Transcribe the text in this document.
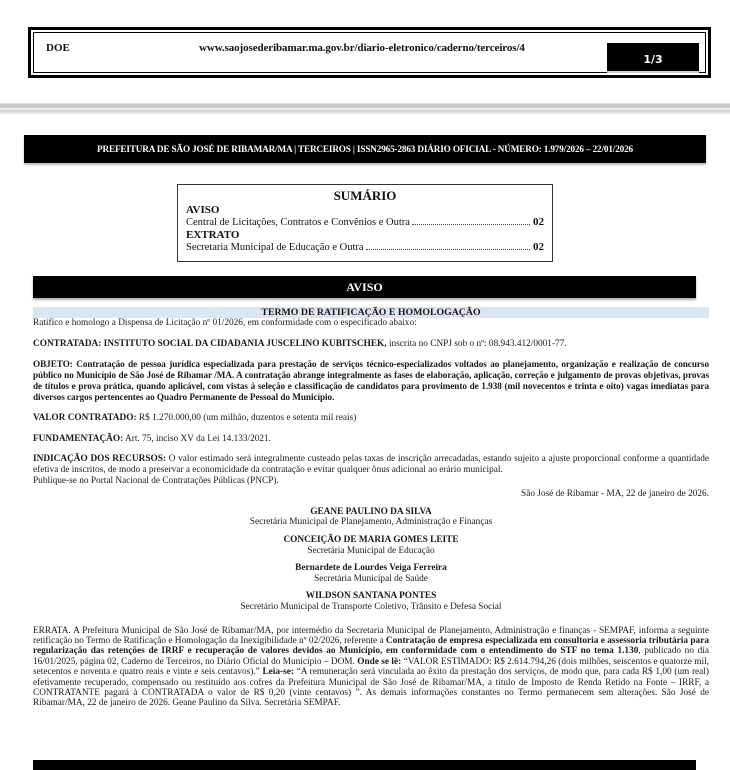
DOE	www.saojosederibamar.ma.gov.br/diario-eletronico/caderno/terceiros/4
1/3
PREFEITURA DE SÃO JOSÉ DE RIBAMAR/MA | TERCEIROS | ISSN2965-2863 DIÁRIO OFICIAL - NÚMERO: 1.979/2026 – 22/01/2026
SUMÁRIO
AVISO
Central de Licitações, Contratos e Convênios e Outra	02
EXTRATO
Secretaria Municipal de Educação e Outra	02
AVISO
TERMO DE RATIFICAÇÃO E HOMOLOGAÇÃO
Ratifico e homologo a Dispensa de Licitação nº 01/2026, em conformidade com o especificado abaixo:
CONTRATADA: INSTITUTO SOCIAL DA CIDADANIA JUSCELINO KUBITSCHEK, inscrita no CNPJ sob o nº: 08.943.412/0001-77.
OBJETO: Contratação de pessoa jurídica especializada para prestação de serviços técnico-especializados voltados ao planejamento, organização e realização de concurso público no Município de São José de Ribamar /MA. A contratação abrange integralmente as fases de elaboração, aplicação, correção e julgamento de provas objetivas, provas de títulos e prova prática, quando aplicável, com vistas à seleção e classificação de candidatos para provimento de 1.938 (mil novecentos e trinta e oito) vagas imediatas para diversos cargos pertencentes ao Quadro Permanente de Pessoal do Município.
VALOR CONTRATADO: R$ 1.270.000,00 (um milhão, duzentos e setenta mil reais)
FUNDAMENTAÇÃO: Art. 75, inciso XV da Lei 14.133/2021.
INDICAÇÃO DOS RECURSOS: O valor estimado será integralmente custeado pelas taxas de inscrição arrecadadas, estando sujeito a ajuste proporcional conforme a quantidade efetiva de inscritos, de modo a preservar a economicidade da contratação e evitar qualquer ônus adicional ao erário municipal.
Publique-se no Portal Nacional de Contratações Públicas (PNCP).
São José de Ribamar - MA, 22 de janeiro de 2026.
GEANE PAULINO DA SILVA
Secretária Municipal de Planejamento, Administração e Finanças
CONCEIÇÃO DE MARIA GOMES LEITE
Secretária Municipal de Educação
Bernardete de Lourdes Veiga Ferreira
Secretária Municipal de Saúde
WILDSON SANTANA PONTES
Secretário Municipal de Transporte Coletivo, Trânsito e Defesa Social
ERRATA. A Prefeitura Municipal de São José de Ribamar/MA, por intermédio da Secretaria Municipal de Planejamento, Administração e finanças - SEMPAF, informa a seguinte retificação no Termo de Ratificação e Homologação da Inexigibilidade nº 02/2026, referente a Contratação de empresa especializada em consultoria e assessoria tributária para regularização das retenções de IRRF e recuperação de valores devidos ao Município, em conformidade com o entendimento do STF no tema 1.130, publicado no dia 16/01/2025, página 02, Caderno de Terceiros, no Diário Oficial do Município – DOM. Onde se lê: “VALOR ESTIMADO: R$ 2.614.794,26 (dois milhões, seiscentos e quatorze mil, setecentos e noventa e quatro reais e vinte e seis centavos).” Leia-se: “A remuneração será vinculada ao êxito da prestação dos serviços, de modo que, para cada R$ 1,00 (um real) efetivamente recuperado, compensado ou restituído aos cofres da Prefeitura Municipal de São José de Ribamar/MA, a título de Imposto de Renda Retido na Fonte – IRRF, a CONTRATANTE pagará à CONTRATADA o valor de R$ 0,20 (vinte centavos) ”. As demais informações constantes no Termo permanecem sem alterações. São José de Ribamar/MA, 22 de janeiro de 2026. Geane Paulino da Silva. Secretária SEMPAF.
